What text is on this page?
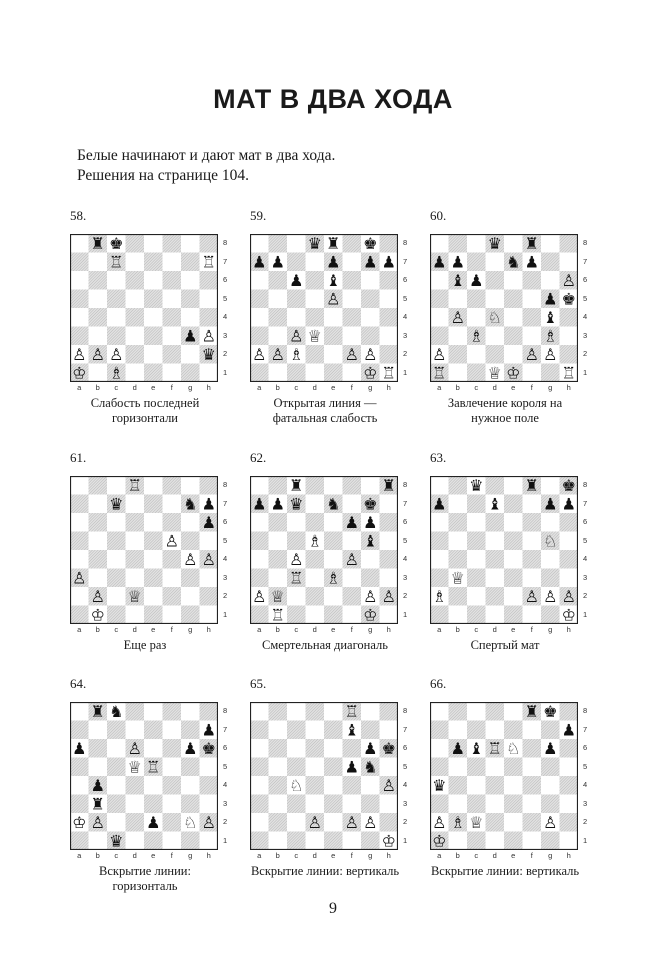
МАТ В ДВА ХОДА
Белые начинают и дают мат в два хода.
Решения на странице 104.
58.
♜ ♚
♖	♖
♟ ♙
♛
♙ ♙ ♙
♔ ♗
8
7
6
5
4
3
2
1
a	b	c	d	e	f	g	h
Слабость последней
горизонтали
59.
♛ ♜ ♚
♟ ♟	♟ ♟ ♟
♟ ♝
♙
♙ ♕
♙ ♙ ♗	♙ ♙
♔ ♖
8
7
6
5
4
3
2
1
a	b	c	d	e	f	g	h
Открытая линия —
фатальная слабость
60.
♛ ♜
♟ ♟	♞ ♟
♝ ♟	♙
♟ ♚
♙ ♘	♝
♗	♗
♙	♙ ♙
♖	♕ ♔	♖
8
7
6
5
4
3
2
1
a	b	c	d	e	f	g	h
Завлечение короля на
нужное поле
61.
♖
♛	♞ ♟
♟
♙
♙ ♙
♙
♙ ♕
♔
8
7
6
5
4
3
2
1
a	b	c	d	e	f	g	h
Еще раз
62.
♜	♜
♟ ♟ ♛ ♞ ♚
♟ ♟
♗	♝
♙	♙
♖ ♗
♙ ♕	♙ ♙
♖	♔
8
7
6
5
4
3
2
1
a	b	c	d	e	f	g	h
Смертельная диагональ
63.
♛	♜ ♚
♟	♝	♟ ♟
♘
♕
♗	♙ ♙ ♙
♔
8
7
6
5
4
3
2
1
a	b	c	d	e	f	g	h
Спертый мат
64.
♜ ♞
♟
♟	♙	♟ ♚
♕ ♖
♟
♜
♔ ♙	♟ ♘ ♙
♛
8
7
6
5
4
3
2
1
a	b	c	d	e	f	g	h
Вскрытие линии:
горизонталь
65.
♖
♝
♟ ♚
♟ ♞
♘	♙
♙ ♙ ♙
♔
8
7
6
5
4
3
2
1
a	b	c	d	e	f	g	h
Вскрытие линии: вертикаль
66.
♜ ♚
♟
♟ ♝ ♖ ♘ ♟
♛
♙ ♗ ♕	♙
♔
8
7
6
5
4
3
2
1
a	b	c	d	e	f	g	h
Вскрытие линии: вертикаль
9
